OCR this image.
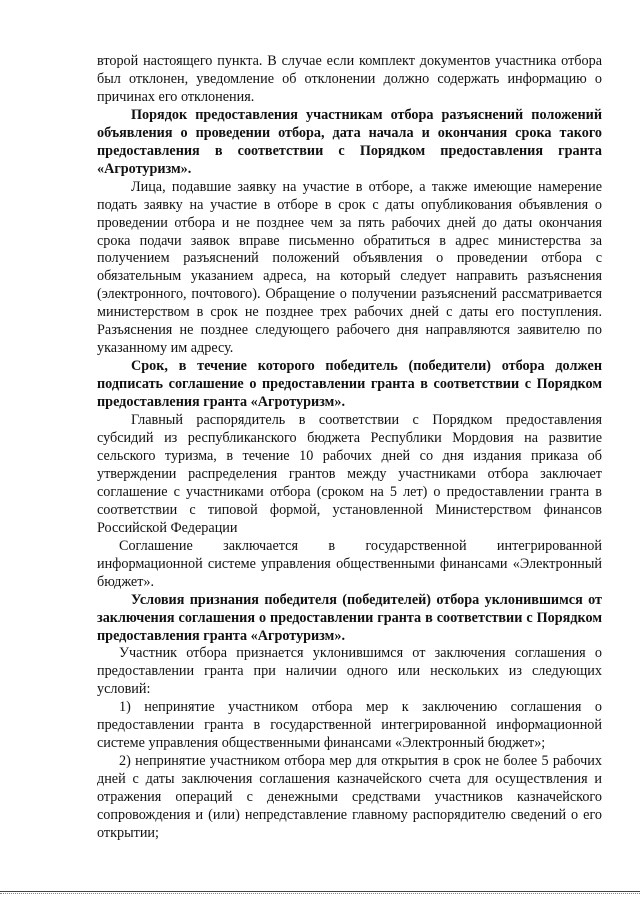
второй настоящего пункта. В случае если комплект документов участника отбора был отклонен, уведомление об отклонении должно содержать информацию о причинах его отклонения.

Порядок предоставления участникам отбора разъяснений положений объявления о проведении отбора, дата начала и окончания срока такого предоставления в соответствии с Порядком предоставления гранта «Агротуризм».

Лица, подавшие заявку на участие в отборе, а также имеющие намерение подать заявку на участие в отборе в срок с даты опубликования объявления о проведении отбора и не позднее чем за пять рабочих дней до даты окончания срока подачи заявок вправе письменно обратиться в адрес министерства за получением разъяснений положений объявления о проведении отбора с обязательным указанием адреса, на который следует направить разъяснения (электронного, почтового). Обращение о получении разъяснений рассматривается министерством в срок не позднее трех рабочих дней с даты его поступления. Разъяснения не позднее следующего рабочего дня направляются заявителю по указанному им адресу.

Срок, в течение которого победитель (победители) отбора должен подписать соглашение о предоставлении гранта в соответствии с Порядком предоставления гранта «Агротуризм».

Главный распорядитель в соответствии с Порядком предоставления субсидий из республиканского бюджета Республики Мордовия на развитие сельского туризма, в течение 10 рабочих дней со дня издания приказа об утверждении распределения грантов между участниками отбора заключает соглашение с участниками отбора (сроком на 5 лет) о предоставлении гранта в соответствии с типовой формой, установленной Министерством финансов Российской Федерации

Соглашение заключается в государственной интегрированной информационной системе управления общественными финансами «Электронный бюджет».

Условия признания победителя (победителей) отбора уклонившимся от заключения соглашения о предоставлении гранта в соответствии с Порядком предоставления гранта «Агротуризм».

Участник отбора признается уклонившимся от заключения соглашения о предоставлении гранта при наличии одного или нескольких из следующих условий:

1) непринятие участником отбора мер к заключению соглашения о предоставлении гранта в государственной интегрированной информационной системе управления общественными финансами «Электронный бюджет»;

2) непринятие участником отбора мер для открытия в срок не более 5 рабочих дней с даты заключения соглашения казначейского счета для осуществления и отражения операций с денежными средствами участников казначейского сопровождения и (или) непредставление главному распорядителю сведений о его открытии;
